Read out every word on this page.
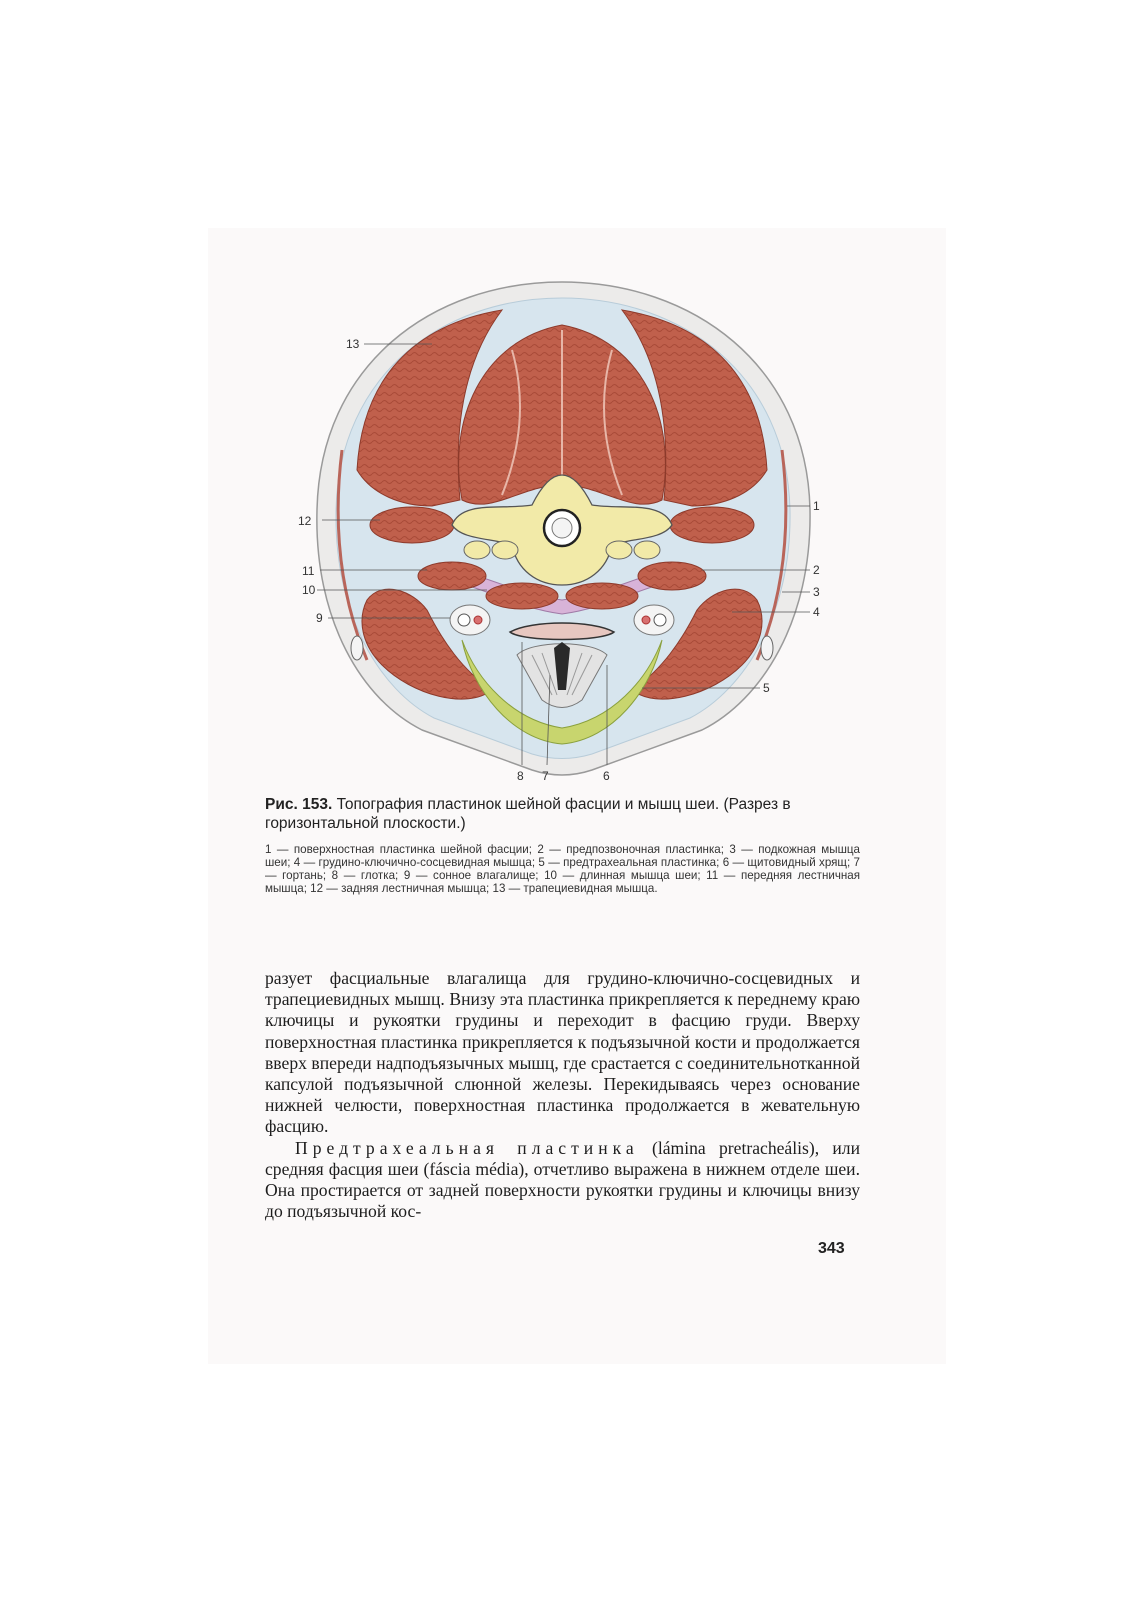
13
12
11
10
9
1
2
3
4
5
8 7	6

Рис. 153. Топография пластинок шейной фасции и мышц шеи. (Разрез в горизонтальной плоскости.)

1 — поверхностная пластинка шейной фасции; 2 — предпозвоночная пластинка; 3 — подкожная мышца шеи; 4 — грудино-ключично-сосцевидная мышца; 5 — предтрахеальная пластинка; 6 — щитовидный хрящ; 7 — гортань; 8 — глотка; 9 — сонное влагалище; 10 — длинная мышца шеи; 11 — передняя лестничная мышца; 12 — задняя лестничная мышца; 13 — трапециевидная мышца.

разует фасциальные влагалища для грудино-ключично-сосцевидных и трапециевидных мышц. Внизу эта пластинка прикрепляется к переднему краю ключицы и рукоятки грудины и переходит в фасцию груди. Вверху поверхностная пластинка прикрепляется к подъязычной кости и продолжается вверх впереди надподъязычных мышц, где срастается с соединительнотканной капсулой подъязычной слюнной железы. Перекидываясь через основание нижней челюсти, поверхностная пластинка продолжается в жевательную фасцию.

Предтрахеальная пластинка (lámina pretracheális), или средняя фасция шеи (fáscia média), отчетливо выражена в нижнем отделе шеи. Она простирается от задней поверхности рукоятки грудины и ключицы внизу до подъязычной кос-

343
